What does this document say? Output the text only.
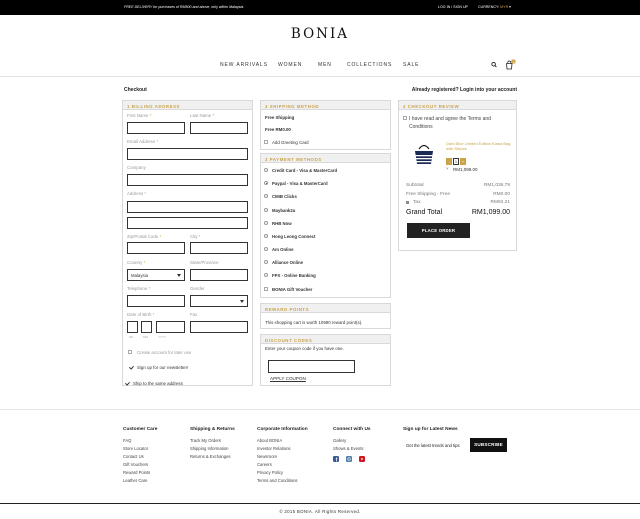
FREE DELIVERY for purchases of RM500 and above, only within Malaysia.	LOG IN / SIGN UP	CURRENCY: MYR ▾
BONIA
NEW ARRIVALS WOMEN	MEN	COLLECTIONS SALE
1
Checkout	Already registered? Login into your account
1 BILLING ADDRESS
First Name *	Last Name *
Email Address *
Company
Address *
Zip/Postal Code *	City *
Country *	State/Province
Malaysia
Telephone *	Gender
Date of Birth *	Fax
DD	MM	YYYY
Create account for later use
Sign up for our newsletter!
Ship to the same address
3 SHIPPING METHOD
Free Shipping
Free RM0.00
Add Greeting Card
3 PAYMENT METHODS
Credit Card - Visa & MasterCard
Paypal - Visa & MasterCard
CIMB Clicks
Maybank2u
RHB Now
Hong Leong Connect
Am Online
Alliance Online
FPX - Online Banking
BONIA Gift Voucher
REWARD POINTS
This shopping cart is worth 10990 reward point(s).
DISCOUNT CODES
Enter your coupon code if you have one.
APPLY COUPON
4 CHECKOUT REVIEW
I have read and agree the Terms and Conditions
Dark Blue Limited Edition Kiana Bag with Stripes
-	1	+
× RM1,099.00
Subtotal	RM1,036.79
Free Shipping - Free	RM0.00
Tax	RM62.21
Grand Total	RM1,099.00
PLACE ORDER
Customer Care
FAQ
Store Locator
Contact Us
Gift Vouchers
Reward Points
Leather Care
Shipping & Returns
Track My Orders
Shipping Information
Returns & Exchanges
Corporate Information
About BONIA
Investor Relations
Newsroom
Careers
Privacy Policy
Terms and Conditions
Connect with Us
Gallery
Shows & Events
f
Sign up for Latest News
Get the latest trends and tips	SUBSCRIBE
© 2015 BONIA. All Rights Reserved.
